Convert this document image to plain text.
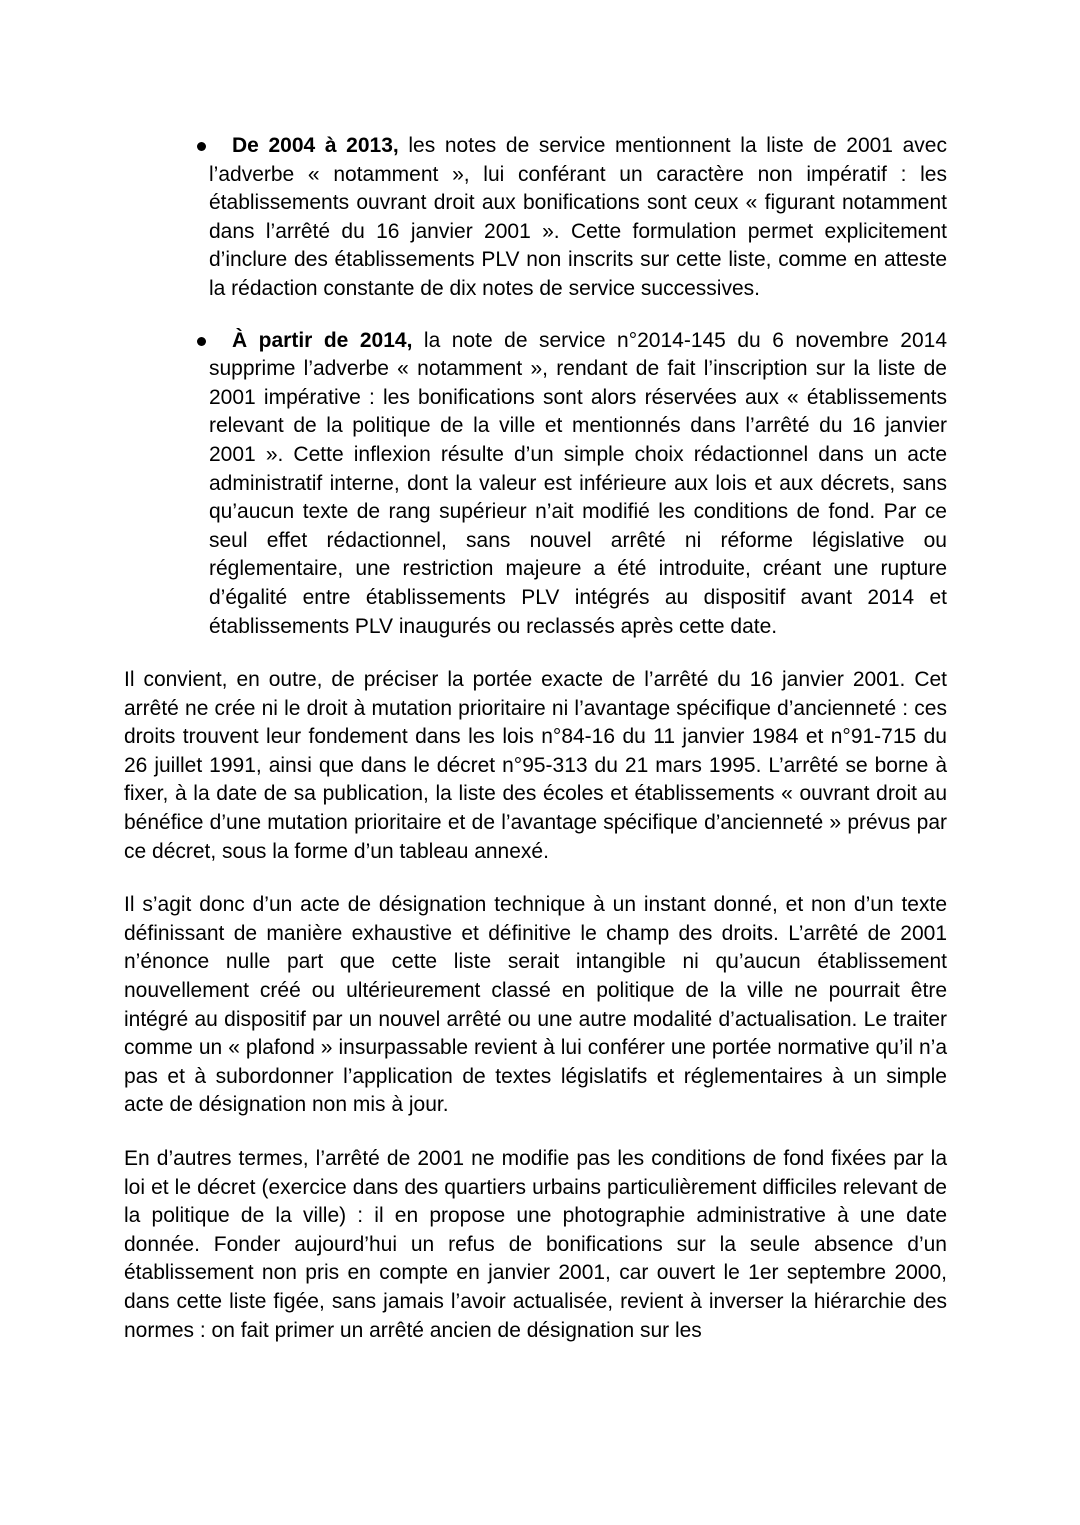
De 2004 à 2013, les notes de service mentionnent la liste de 2001 avec l’adverbe « notamment », lui conférant un caractère non impératif : les établissements ouvrant droit aux bonifications sont ceux « figurant notamment dans l’arrêté du 16 janvier 2001 ». Cette formulation permet explicitement d’inclure des établissements PLV non inscrits sur cette liste, comme en atteste la rédaction constante de dix notes de service successives.
À partir de 2014, la note de service n°2014-145 du 6 novembre 2014 supprime l’adverbe « notamment », rendant de fait l’inscription sur la liste de 2001 impérative : les bonifications sont alors réservées aux « établissements relevant de la politique de la ville et mentionnés dans l’arrêté du 16 janvier 2001 ». Cette inflexion résulte d’un simple choix rédactionnel dans un acte administratif interne, dont la valeur est inférieure aux lois et aux décrets, sans qu’aucun texte de rang supérieur n’ait modifié les conditions de fond. Par ce seul effet rédactionnel, sans nouvel arrêté ni réforme législative ou réglementaire, une restriction majeure a été introduite, créant une rupture d’égalité entre établissements PLV intégrés au dispositif avant 2014 et établissements PLV inaugurés ou reclassés après cette date.

Il convient, en outre, de préciser la portée exacte de l’arrêté du 16 janvier 2001. Cet arrêté ne crée ni le droit à mutation prioritaire ni l’avantage spécifique d’ancienneté : ces droits trouvent leur fondement dans les lois n°84-16 du 11 janvier 1984 et n°91-715 du 26 juillet 1991, ainsi que dans le décret n°95-313 du 21 mars 1995. L’arrêté se borne à fixer, à la date de sa publication, la liste des écoles et établissements « ouvrant droit au bénéfice d’une mutation prioritaire et de l’avantage spécifique d’ancienneté » prévus par ce décret, sous la forme d’un tableau annexé.

Il s’agit donc d’un acte de désignation technique à un instant donné, et non d’un texte définissant de manière exhaustive et définitive le champ des droits. L’arrêté de 2001 n’énonce nulle part que cette liste serait intangible ni qu’aucun établissement nouvellement créé ou ultérieurement classé en politique de la ville ne pourrait être intégré au dispositif par un nouvel arrêté ou une autre modalité d’actualisation. Le traiter comme un « plafond » insurpassable revient à lui conférer une portée normative qu’il n’a pas et à subordonner l’application de textes législatifs et réglementaires à un simple acte de désignation non mis à jour.

En d’autres termes, l’arrêté de 2001 ne modifie pas les conditions de fond fixées par la loi et le décret (exercice dans des quartiers urbains particulièrement difficiles relevant de la politique de la ville) : il en propose une photographie administrative à une date donnée. Fonder aujourd’hui un refus de bonifications sur la seule absence d’un établissement non pris en compte en janvier 2001, car ouvert le 1er septembre 2000, dans cette liste figée, sans jamais l’avoir actualisée, revient à inverser la hiérarchie des normes : on fait primer un arrêté ancien de désignation sur les
